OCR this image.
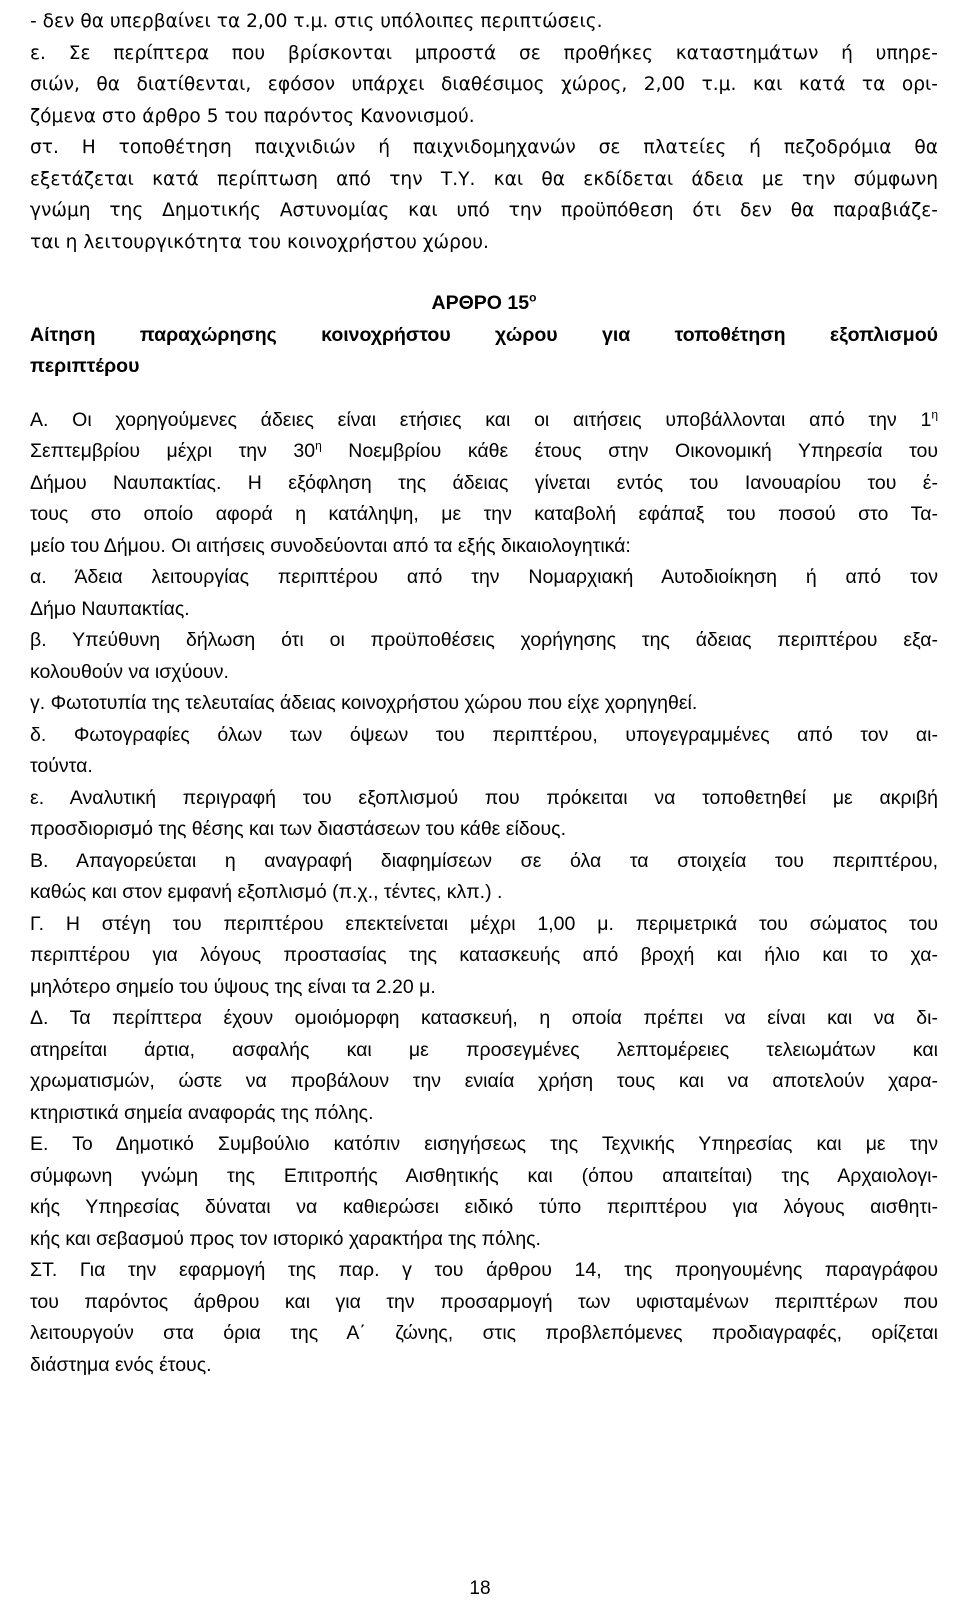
- δεν θα υπερβαίνει τα 2,00 τ.μ. στις υπόλοιπες περιπτώσεις.
ε. Σε περίπτερα που βρίσκονται μπροστά σε προθήκες καταστημάτων ή υπηρε-
σιών, θα διατίθενται, εφόσον υπάρχει διαθέσιμος χώρος, 2,00 τ.μ. και κατά τα ορι-
ζόμενα στο άρθρο 5 του παρόντος Κανονισμού.
στ. Η τοποθέτηση παιχνιδιών ή παιχνιδομηχανών σε πλατείες ή πεζοδρόμια θα
εξετάζεται κατά περίπτωση από την Τ.Υ. και θα εκδίδεται άδεια με την σύμφωνη
γνώμη της Δημοτικής Αστυνομίας και υπό την προϋπόθεση ότι δεν θα παραβιάζε-
ται η λειτουργικότητα του κοινοχρήστου χώρου.
ΑΡΘΡΟ $15^o$
Αίτηση παραχώρησης κοινοχρήστου χώρου για τοποθέτηση εξοπλισμού
περιπτέρου
Α. Οι χορηγούμενες άδειες είναι ετήσιες και οι αιτήσεις υποβάλλονται από την $1^\eta$
Σεπτεμβρίου μέχρι την $30^\eta$ Νοεμβρίου κάθε έτους στην Οικονομική Υπηρεσία του
Δήμου Ναυπακτίας. Η εξόφληση της άδειας γίνεται εντός του Ιανουαρίου του έ-
τους στο οποίο αφορά η κατάληψη, με την καταβολή εφάπαξ του ποσού στο Τα-
μείο του Δήμου. Οι αιτήσεις συνοδεύονται από τα εξής δικαιολογητικά:
α. Άδεια λειτουργίας περιπτέρου από την Νομαρχιακή Αυτοδιοίκηση ή από τον
Δήμο Ναυπακτίας.
β. Υπεύθυνη δήλωση ότι οι προϋποθέσεις χορήγησης της άδειας περιπτέρου εξα-
κολουθούν να ισχύουν.
γ. Φωτοτυπία της τελευταίας άδειας κοινοχρήστου χώρου που είχε χορηγηθεί.
δ. Φωτογραφίες όλων των όψεων του περιπτέρου, υπογεγραμμένες από τον αι-
τούντα.
ε. Αναλυτική περιγραφή του εξοπλισμού που πρόκειται να τοποθετηθεί με ακριβή
προσδιορισμό της θέσης και των διαστάσεων του κάθε είδους.
Β. Απαγορεύεται η αναγραφή διαφημίσεων σε όλα τα στοιχεία του περιπτέρου,
καθώς και στον εμφανή εξοπλισμό (π.χ., τέντες, κλπ.) .
Γ. Η στέγη του περιπτέρου επεκτείνεται μέχρι 1,00 μ. περιμετρικά του σώματος του
περιπτέρου για λόγους προστασίας της κατασκευής από βροχή και ήλιο και το χα-
μηλότερο σημείο του ύψους της είναι τα 2.20 μ.
Δ. Τα περίπτερα έχουν ομοιόμορφη κατασκευή, η οποία πρέπει να είναι και να δι-
ατηρείται άρτια, ασφαλής και με προσεγμένες λεπτομέρειες τελειωμάτων και
χρωματισμών, ώστε να προβάλουν την ενιαία χρήση τους και να αποτελούν χαρα-
κτηριστικά σημεία αναφοράς της πόλης.
Ε. Το Δημοτικό Συμβούλιο κατόπιν εισηγήσεως της Τεχνικής Υπηρεσίας και με την
σύμφωνη γνώμη της Επιτροπής Αισθητικής και (όπου απαιτείται) της Αρχαιολογι-
κής Υπηρεσίας δύναται να καθιερώσει ειδικό τύπο περιπτέρου για λόγους αισθητι-
κής και σεβασμού προς τον ιστορικό χαρακτήρα της πόλης.
ΣΤ. Για την εφαρμογή της παρ. γ του άρθρου 14, της προηγουμένης παραγράφου
του παρόντος άρθρου και για την προσαρμογή των υφισταμένων περιπτέρων που
λειτουργούν στα όρια της Α΄ ζώνης, στις προβλεπόμενες προδιαγραφές, ορίζεται
διάστημα ενός έτους.
18
